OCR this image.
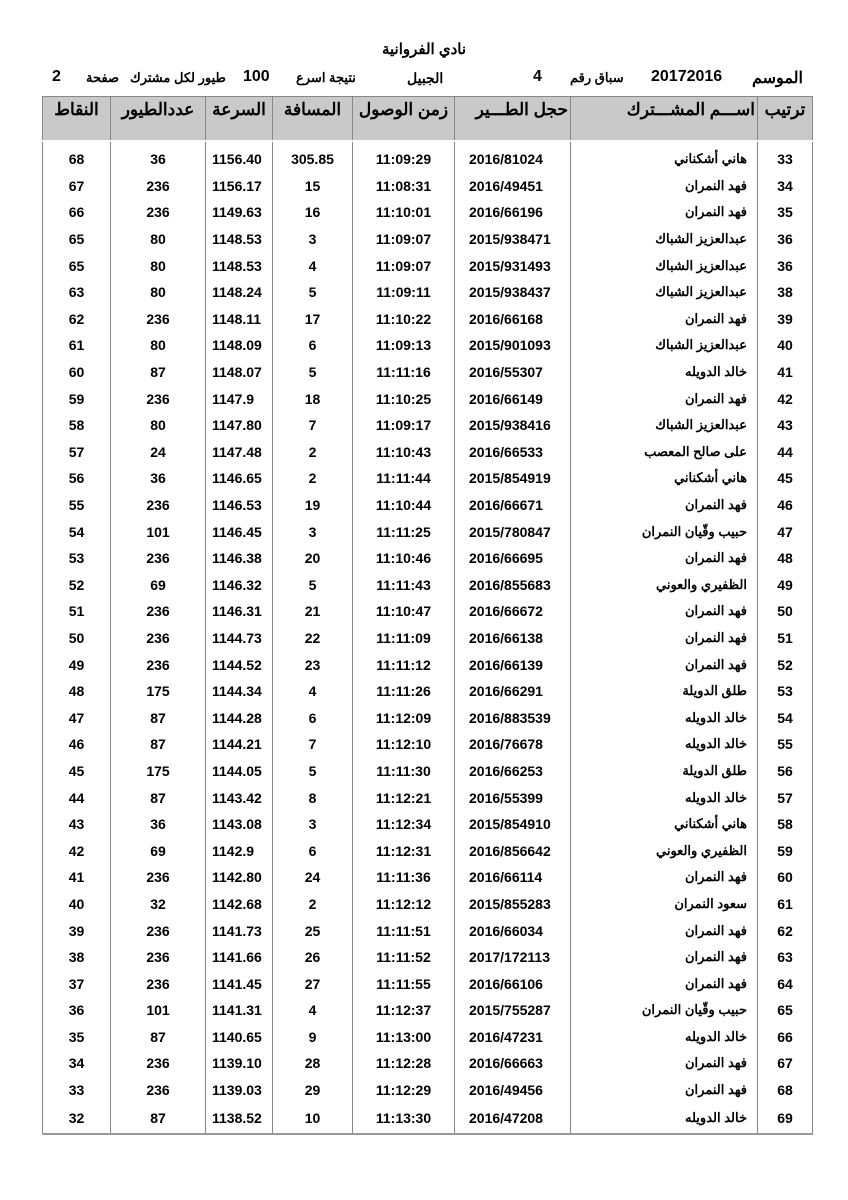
نادي الفروانية
2 صفحة طيور لكل مشترك 100 نتيجة اسرع	الجبيل	4 سباق رقم 20172016 الموسم
ترتيب	اســـم المشـــترك	حجل الطـــير	زمن الوصول	المسافة	السرعة	عددالطيور	النقاط

33	هاني أشكناني	2016/81024	11:09:29	305.85	1156.40	36	68
34	فهد النمران	2016/49451	11:08:31	15	1156.17	236	67
35	فهد النمران	2016/66196	11:10:01	16	1149.63	236	66
36	عبدالعزيز الشباك	2015/938471	11:09:07	3	1148.53	80	65
36	عبدالعزيز الشباك	2015/931493	11:09:07	4	1148.53	80	65
38	عبدالعزيز الشباك	2015/938437	11:09:11	5	1148.24	80	63
39	فهد النمران	2016/66168	11:10:22	17	1148.11	236	62
40	عبدالعزيز الشباك	2015/901093	11:09:13	6	1148.09	80	61
41	خالد الدويله	2016/55307	11:11:16	5	1148.07	87	60
42	فهد النمران	2016/66149	11:10:25	18	1147.9	236	59
43	عبدالعزيز الشباك	2015/938416	11:09:17	7	1147.80	80	58
44	على صالح المعصب	2016/66533	11:10:43	2	1147.48	24	57
45	هاني أشكناني	2015/854919	11:11:44	2	1146.65	36	56
46	فهد النمران	2016/66671	11:10:44	19	1146.53	236	55
47	حبيب وقّيان النمران	2015/780847	11:11:25	3	1146.45	101	54
48	فهد النمران	2016/66695	11:10:46	20	1146.38	236	53
49	الظفيري والعوني	2016/855683	11:11:43	5	1146.32	69	52
50	فهد النمران	2016/66672	11:10:47	21	1146.31	236	51
51	فهد النمران	2016/66138	11:11:09	22	1144.73	236	50
52	فهد النمران	2016/66139	11:11:12	23	1144.52	236	49
53	طلق الدويلة	2016/66291	11:11:26	4	1144.34	175	48
54	خالد الدويله	2016/883539	11:12:09	6	1144.28	87	47
55	خالد الدويله	2016/76678	11:12:10	7	1144.21	87	46
56	طلق الدويلة	2016/66253	11:11:30	5	1144.05	175	45
57	خالد الدويله	2016/55399	11:12:21	8	1143.42	87	44
58	هاني أشكناني	2015/854910	11:12:34	3	1143.08	36	43
59	الظفيري والعوني	2016/856642	11:12:31	6	1142.9	69	42
60	فهد النمران	2016/66114	11:11:36	24	1142.80	236	41
61	سعود النمران	2015/855283	11:12:12	2	1142.68	32	40
62	فهد النمران	2016/66034	11:11:51	25	1141.73	236	39
63	فهد النمران	2017/172113	11:11:52	26	1141.66	236	38
64	فهد النمران	2016/66106	11:11:55	27	1141.45	236	37
65	حبيب وقّيان النمران	2015/755287	11:12:37	4	1141.31	101	36
66	خالد الدويله	2016/47231	11:13:00	9	1140.65	87	35
67	فهد النمران	2016/66663	11:12:28	28	1139.10	236	34
68	فهد النمران	2016/49456	11:12:29	29	1139.03	236	33
69	خالد الدويله	2016/47208	11:13:30	10	1138.52	87	32
